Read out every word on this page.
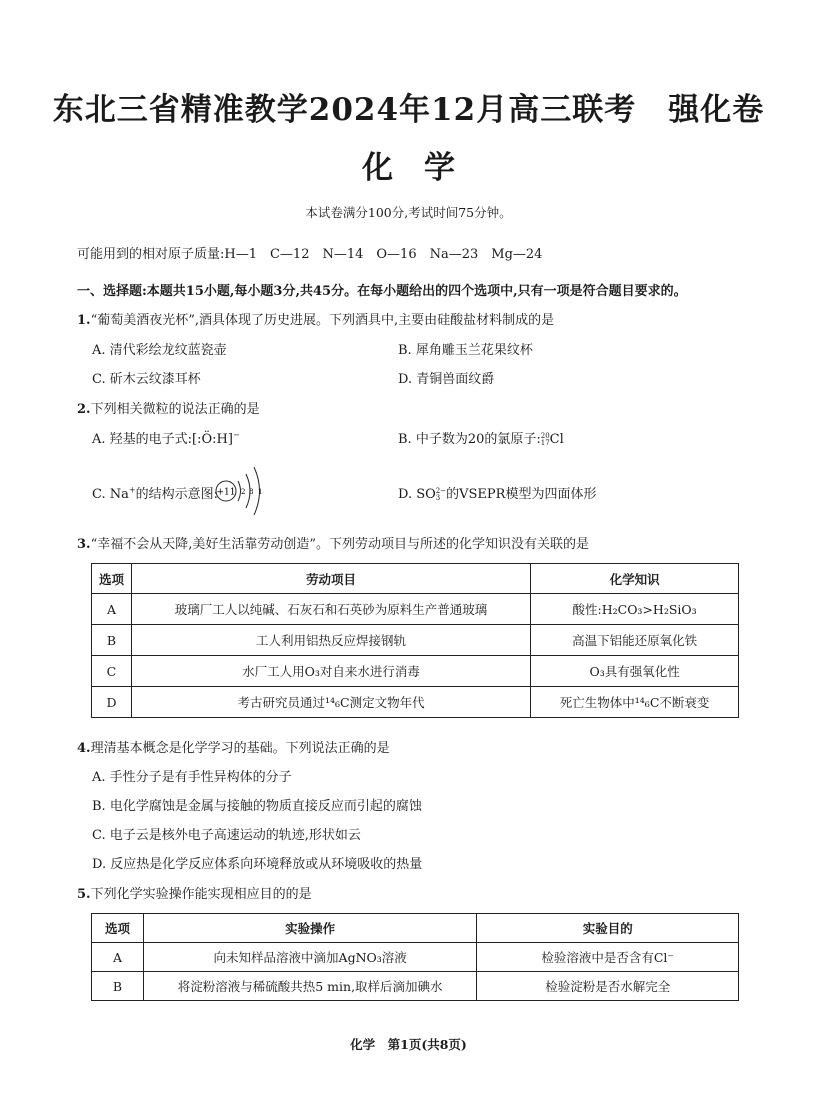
东北三省精准教学2024年12月高三联考　强化卷
化　学
本试卷满分100分,考试时间75分钟。
可能用到的相对原子质量:H—1　C—12　N—14　O—16　Na—23　Mg—24
一、选择题:本题共15小题,每小题3分,共45分。在每小题给出的四个选项中,只有一项是符合题目要求的。
1.“葡萄美酒夜光杯”,酒具体现了历史进展。下列酒具中,主要由硅酸盐材料制成的是
A. 清代彩绘龙纹蓝瓷壶	B. 犀角雕玉兰花果纹杯
C. 斫木云纹漆耳杯	D. 青铜兽面纹爵
2.下列相关微粒的说法正确的是
A. 羟基的电子式:[:Ö:H]−	B. 中子数为20的氯原子: 20
17 Cl
C. Na+的结构示意图:
+11 2 8 1	D. SO 2−
3 的VSEPR模型为四面体形
3.“幸福不会从天降,美好生活靠劳动创造”。下列劳动项目与所述的化学知识没有关联的是
选项	劳动项目	化学知识
A	玻璃厂工人以纯碱、石灰石和石英砂为原料生产普通玻璃	酸性:H₂CO₃>H₂SiO₃
B	工人利用铝热反应焊接钢轨	高温下铝能还原氧化铁
C	水厂工人用O₃对自来水进行消毒	O₃具有强氧化性
D	考古研究员通过¹⁴₆C测定文物年代	死亡生物体中¹⁴₆C不断衰变
4.理清基本概念是化学学习的基础。下列说法正确的是
A. 手性分子是有手性异构体的分子
B. 电化学腐蚀是金属与接触的物质直接反应而引起的腐蚀
C. 电子云是核外电子高速运动的轨迹,形状如云
D. 反应热是化学反应体系向环境释放或从环境吸收的热量
5.下列化学实验操作能实现相应目的的是
选项	实验操作	实验目的
A	向未知样品溶液中滴加AgNO₃溶液	检验溶液中是否含有Cl⁻
B	将淀粉溶液与稀硫酸共热5 min,取样后滴加碘水	检验淀粉是否水解完全
化学　第1页(共8页)
